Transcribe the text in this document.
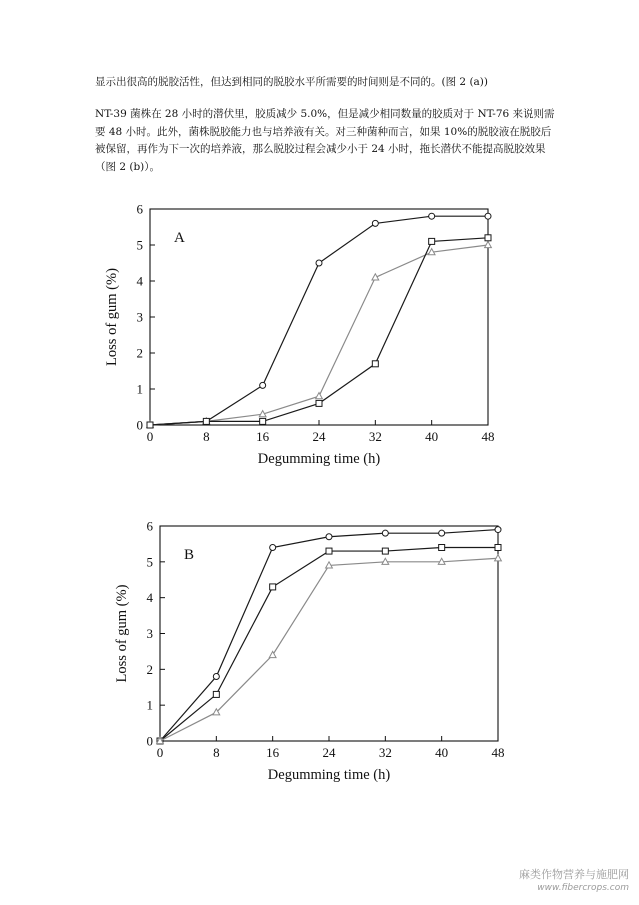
显示出很高的脱胶活性，但达到相同的脱胶水平所需要的时间则是不同的。(图 2 (a))

NT-39 菌株在 28 小时的潜伏里，胶质减少 5.0%，但是减少相同数量的胶质对于 NT-76 来说则需要 48 小时。此外，菌株脱胶能力也与培养液有关。对三种菌种而言，如果 10%的脱胶液在脱胶后被保留，再作为下一次的培养液，那么脱胶过程会减少小于 24 小时，拖长潜伏不能提高脱胶效果（图 2 (b)）。

0	8	16	24	32	40	48
0
1
2
3
4
5
6
Degumming time (h)
Loss of gum (%)
A
0	8	16	24	32	40	48
0
1
2
3
4
5
6
Degumming time (h)
Loss of gum (%)
B
麻类作物营养与施肥网
www.fibercrops.com
